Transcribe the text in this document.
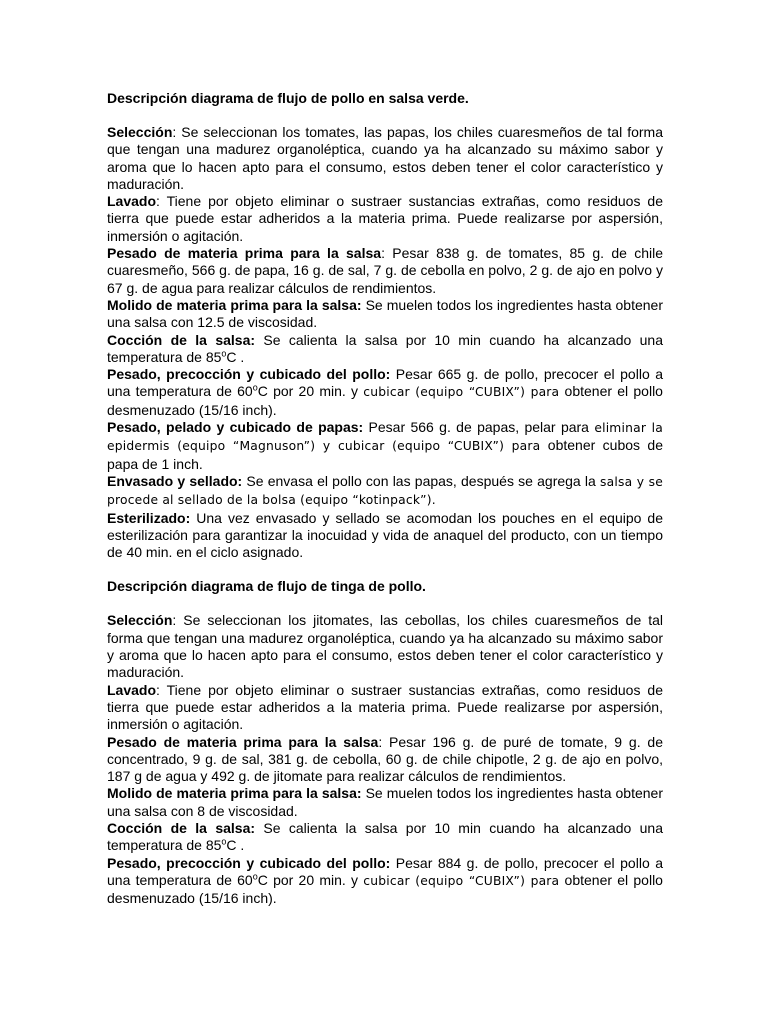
Descripción diagrama de flujo de pollo en salsa verde.

Selección: Se seleccionan los tomates, las papas, los chiles cuaresmeños de tal forma que tengan una madurez organoléptica, cuando ya ha alcanzado su máximo sabor y aroma que lo hacen apto para el consumo, estos deben tener el color característico y maduración.

Lavado: Tiene por objeto eliminar o sustraer sustancias extrañas, como residuos de tierra que puede estar adheridos a la materia prima. Puede realizarse por aspersión, inmersión o agitación.

Pesado de materia prima para la salsa: Pesar 838 g. de tomates, 85 g. de chile cuaresmeño, 566 g. de papa, 16 g. de sal, 7 g. de cebolla en polvo, 2 g. de ajo en polvo y 67 g. de agua para realizar cálculos de rendimientos.

Molido de materia prima para la salsa: Se muelen todos los ingredientes hasta obtener una salsa con 12.5 de viscosidad.

Cocción de la salsa: Se calienta la salsa por 10 min cuando ha alcanzado una temperatura de 85$^o$C .

Pesado, precocción y cubicado del pollo: Pesar 665 g. de pollo, precocer el pollo a una temperatura de 60$^o$C por 20 min. y cubicar (equipo “CUBIX”) para obtener el pollo desmenuzado (15/16 inch).

Pesado, pelado y cubicado de papas: Pesar 566 g. de papas, pelar para eliminar la epidermis (equipo “Magnuson”) y cubicar (equipo “CUBIX”) para obtener cubos de papa de 1 inch.

Envasado y sellado: Se envasa el pollo con las papas, después se agrega la salsa y se procede al sellado de la bolsa (equipo “kotinpack”).

Esterilizado: Una vez envasado y sellado se acomodan los pouches en el equipo de esterilización para garantizar la inocuidad y vida de anaquel del producto, con un tiempo de 40 min. en el ciclo asignado.

Descripción diagrama de flujo de tinga de pollo.

Selección: Se seleccionan los jitomates, las cebollas, los chiles cuaresmeños de tal forma que tengan una madurez organoléptica, cuando ya ha alcanzado su máximo sabor y aroma que lo hacen apto para el consumo, estos deben tener el color característico y maduración.

Lavado: Tiene por objeto eliminar o sustraer sustancias extrañas, como residuos de tierra que puede estar adheridos a la materia prima. Puede realizarse por aspersión, inmersión o agitación.

Pesado de materia prima para la salsa: Pesar 196 g. de puré de tomate, 9 g. de concentrado, 9 g. de sal, 381 g. de cebolla, 60 g. de chile chipotle, 2 g. de ajo en polvo, 187 g de agua y 492 g. de jitomate para realizar cálculos de rendimientos.

Molido de materia prima para la salsa: Se muelen todos los ingredientes hasta obtener una salsa con 8 de viscosidad.

Cocción de la salsa: Se calienta la salsa por 10 min cuando ha alcanzado una temperatura de 85$^o$C .

Pesado, precocción y cubicado del pollo: Pesar 884 g. de pollo, precocer el pollo a una temperatura de 60$^o$C por 20 min. y cubicar (equipo “CUBIX”) para obtener el pollo desmenuzado (15/16 inch).
